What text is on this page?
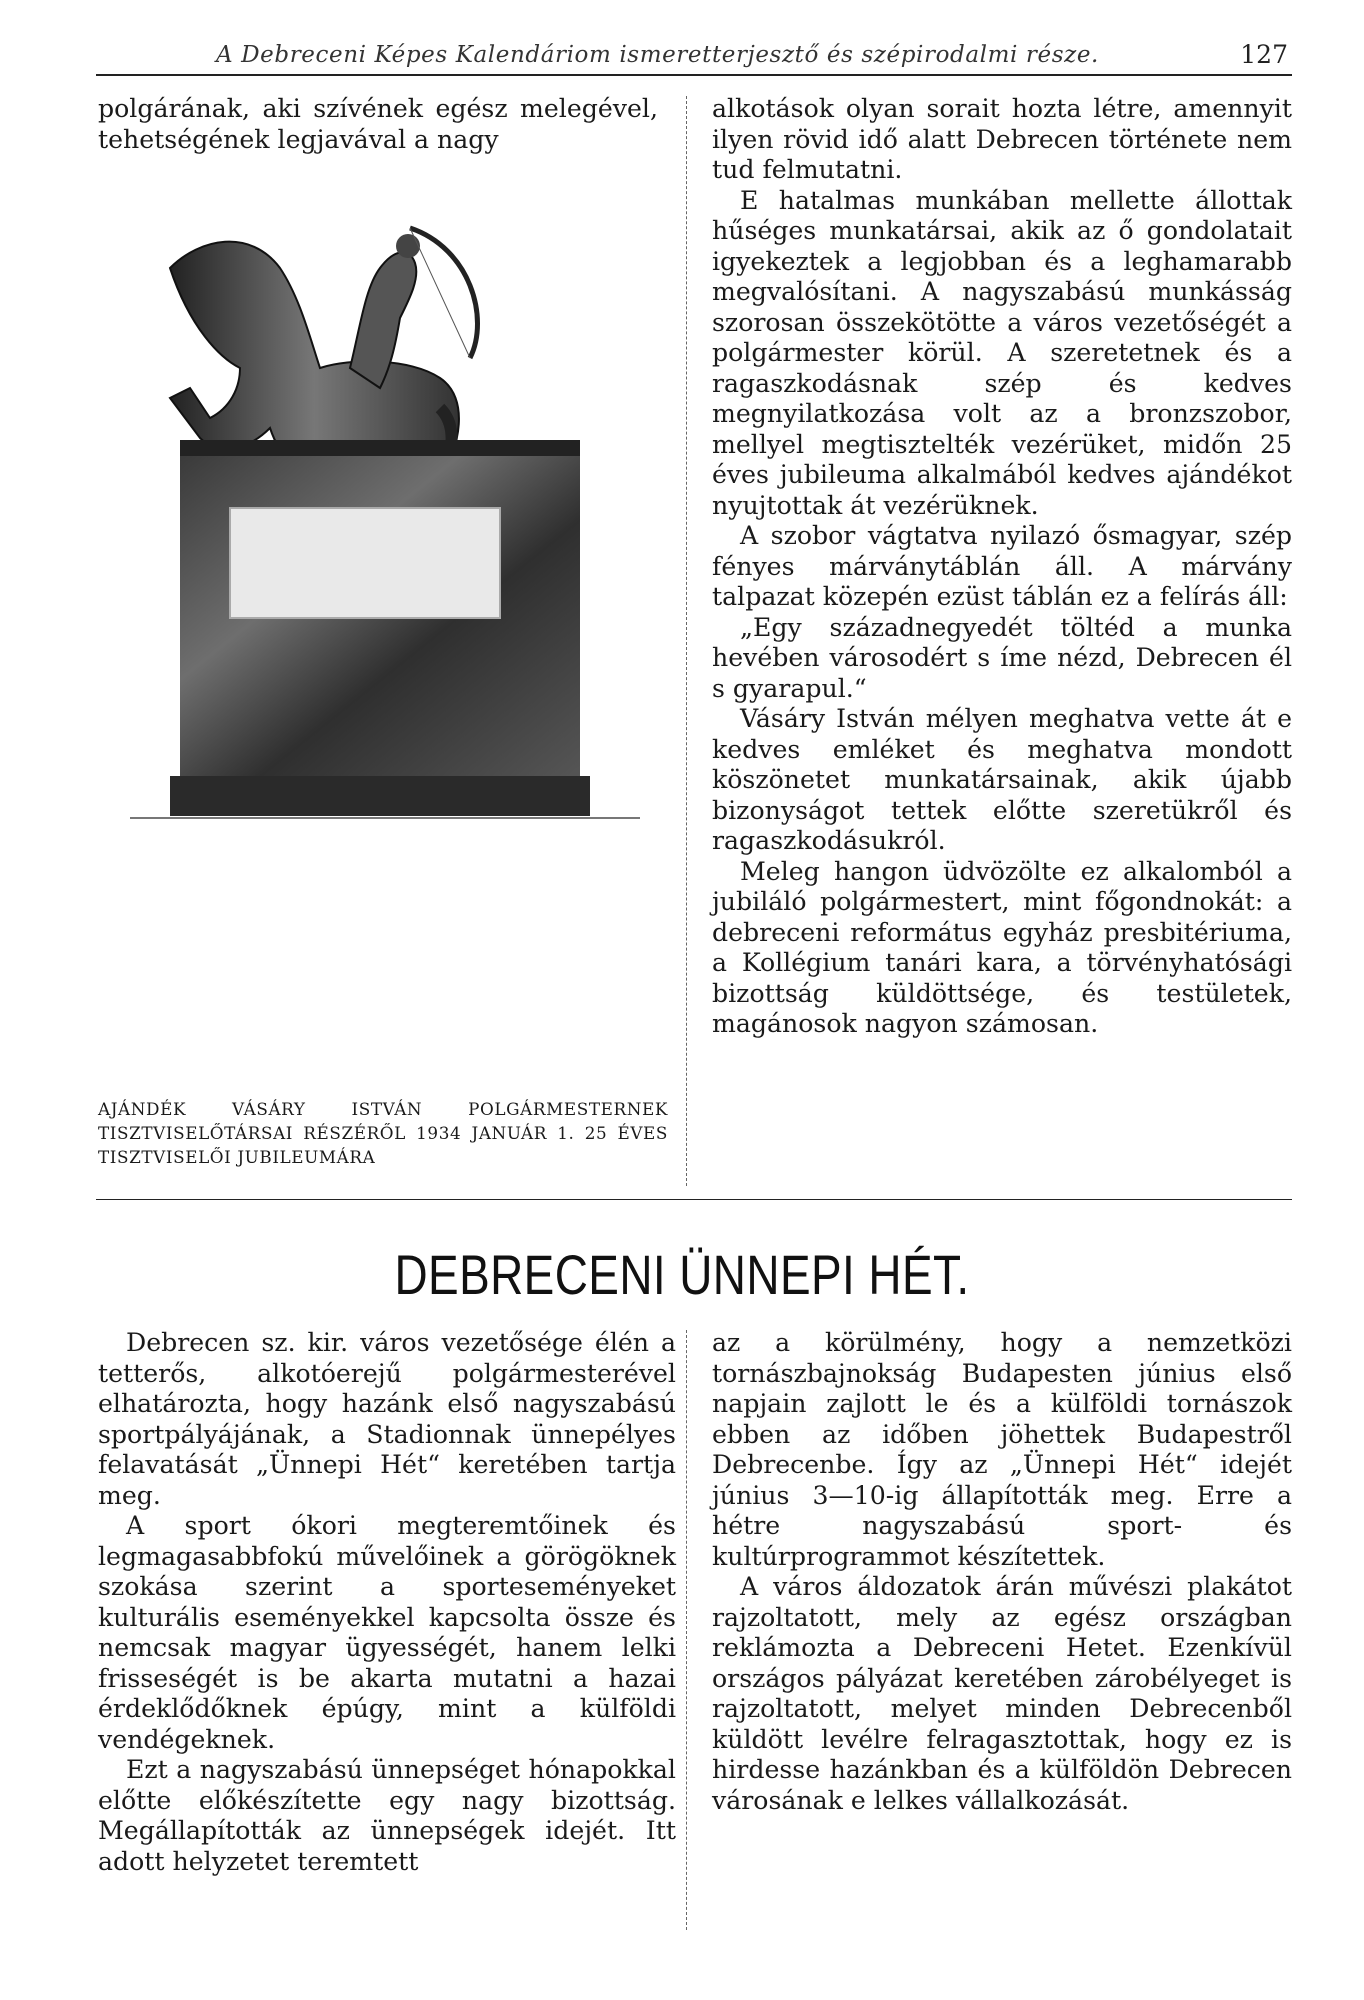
A Debreceni Képes Kalendáriom ismeretterjesztő és szépirodalmi része.	127

polgárának, aki szívének egész melegével, tehetségének legjavával a nagy

AJÁNDÉK VÁSÁRY ISTVÁN POLGÁRMESTERNEK TISZTVISELŐTÁRSAI RÉSZÉRŐL 1934 JANUÁR 1. 25 ÉVES TISZTVISELŐI JUBILEUMÁRA

alkotások olyan sorait hozta létre, amennyit ilyen rövid idő alatt Debrecen története nem tud felmutatni.

E hatalmas munkában mellette állottak hűséges munkatársai, akik az ő gondolatait igyekeztek a legjobban és a leghamarabb megvalósítani. A nagyszabású munkásság szorosan összekötötte a város vezetőségét a polgármester körül. A szeretetnek és a ragaszkodásnak szép és kedves megnyilatkozása volt az a bronzszobor, mellyel megtisztelték vezérüket, midőn 25 éves jubileuma alkalmából kedves ajándékot nyujtottak át vezérüknek.

A szobor vágtatva nyilazó ősmagyar, szép fényes márványtáblán áll. A márvány talpazat közepén ezüst táblán ez a felírás áll:

„Egy századnegyedét töltéd a munka hevében városodért s íme nézd, Debrecen él s gyarapul.“

Vásáry István mélyen meghatva vette át e kedves emléket és meghatva mondott köszönetet munkatársainak, akik újabb bizonyságot tettek előtte szeretükről és ragaszkodásukról.

Meleg hangon üdvözölte ez alkalomból a jubiláló polgármestert, mint főgondnokát: a debreceni református egyház presbitériuma, a Kollégium tanári kara, a törvényhatósági bizottság küldöttsége, és testületek, magánosok nagyon számosan.

DEBRECENI ÜNNEPI HÉT.

Debrecen sz. kir. város vezetősége élén a tetterős, alkotóerejű polgármesterével elhatározta, hogy hazánk első nagyszabású sportpályájának, a Stadionnak ünnepélyes felavatását „Ünnepi Hét“ keretében tartja meg.

A sport ókori megteremtőinek és legmagasabbfokú művelőinek a görögöknek szokása szerint a sporteseményeket kulturális eseményekkel kapcsolta össze és nemcsak magyar ügyességét, hanem lelki frisseségét is be akarta mutatni a hazai érdeklődőknek épúgy, mint a külföldi vendégeknek.

Ezt a nagyszabású ünnepséget hónapokkal előtte előkészítette egy nagy bizottság. Megállapították az ünnepségek idejét. Itt adott helyzetet teremtett

az a körülmény, hogy a nemzetközi tornászbajnokság Budapesten június első napjain zajlott le és a külföldi tornászok ebben az időben jöhettek Budapestről Debrecenbe. Így az „Ünnepi Hét“ idejét június 3—10-ig állapították meg. Erre a hétre nagyszabású sport- és kultúrprogrammot készítettek.

A város áldozatok árán művészi plakátot rajzoltatott, mely az egész országban reklámozta a Debreceni Hetet. Ezenkívül országos pályázat keretében zárobélyeget is rajzoltatott, melyet minden Debrecenből küldött levélre felragasztottak, hogy ez is hirdesse hazánkban és a külföldön Debrecen városának e lelkes vállalkozását.
